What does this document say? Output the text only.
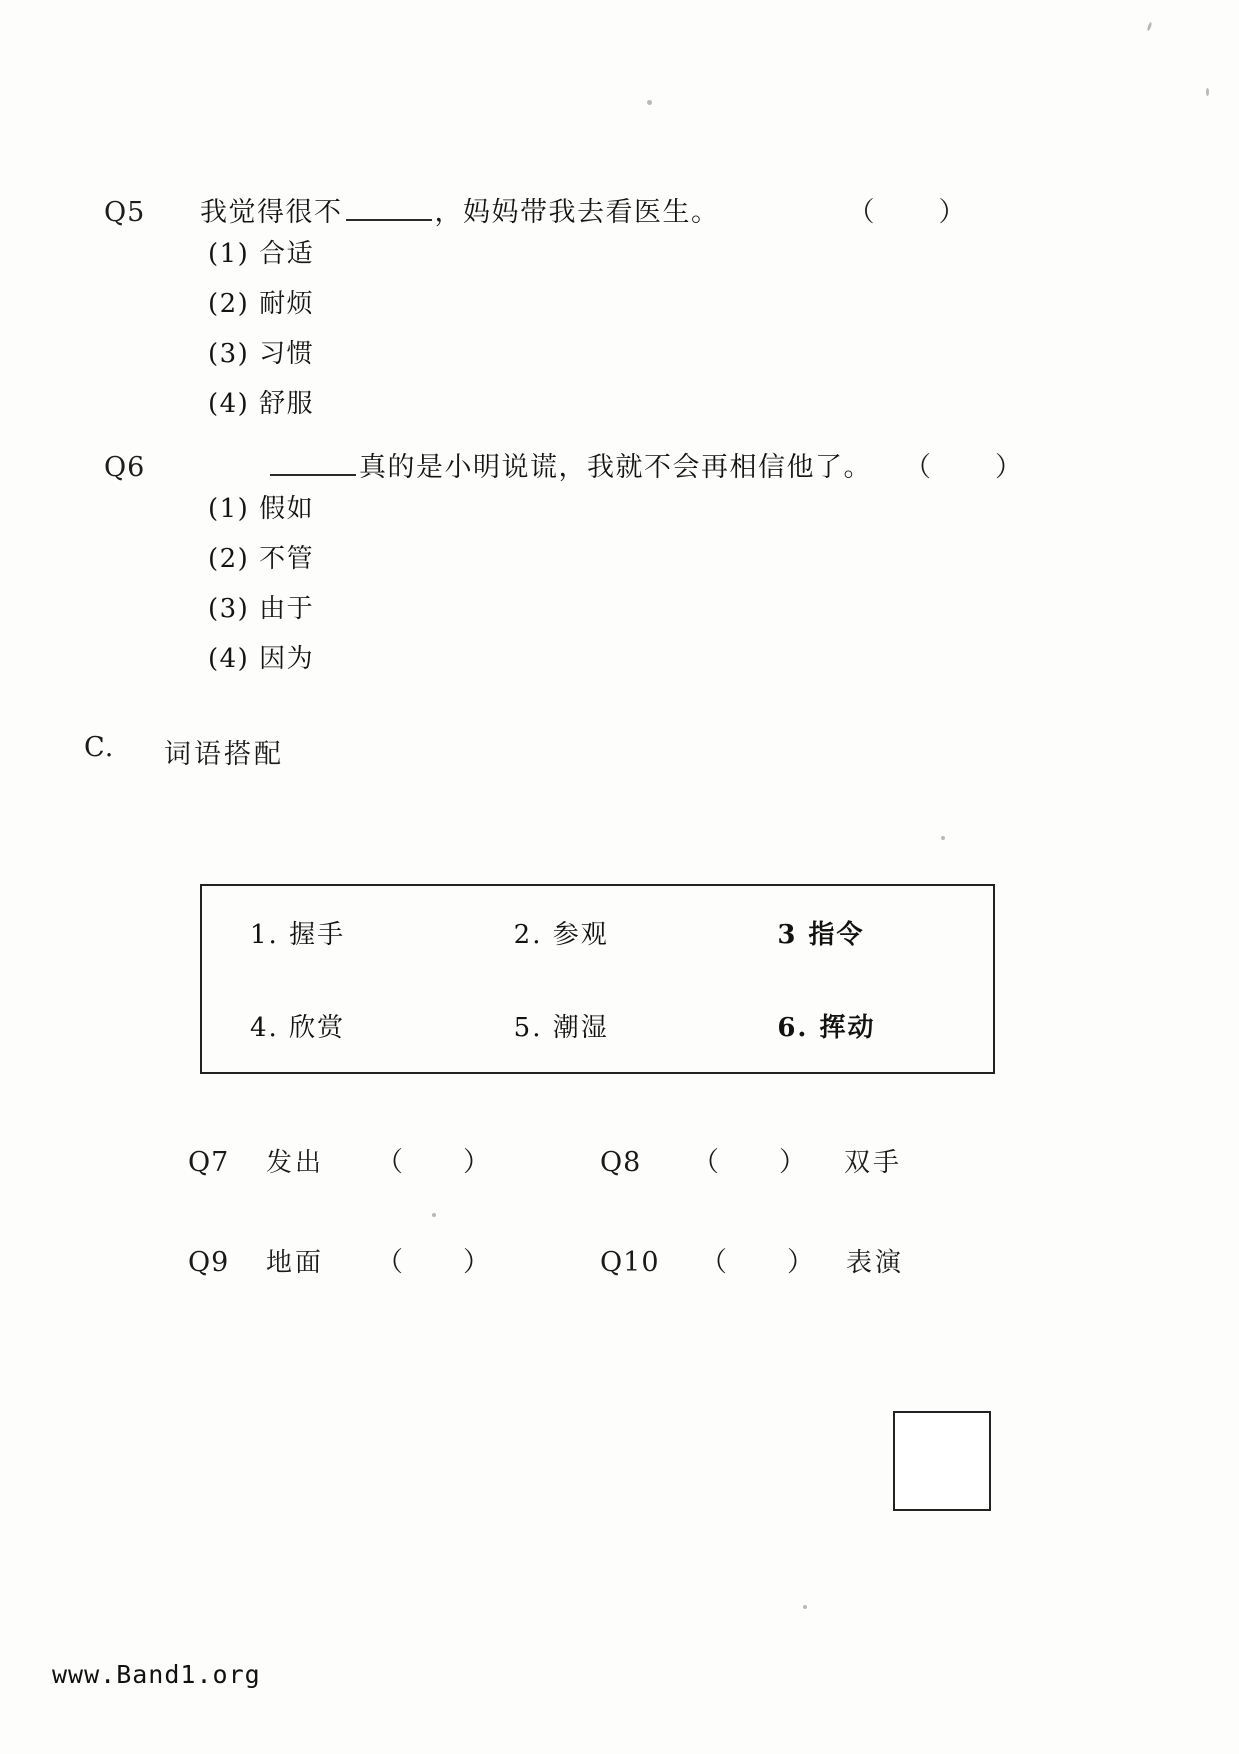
Q5	我觉得很不	，妈妈带我去看医生。	（ ）
(1) 合适
(2) 耐烦
(3) 习惯
(4) 舒服
Q6	真的是小明说谎，我就不会再相信他了。 （ ）
(1) 假如
(2) 不管
(3) 由于
(4) 因为
C. 词语搭配
1. 握手	2. 参观	3 指令
4. 欣赏	5. 潮湿	6. 挥动
Q7	发出	（ ）	Q8	（ ） 双手
Q9	地面	（ ）	Q10	（ ） 表演
www.Band1.org
